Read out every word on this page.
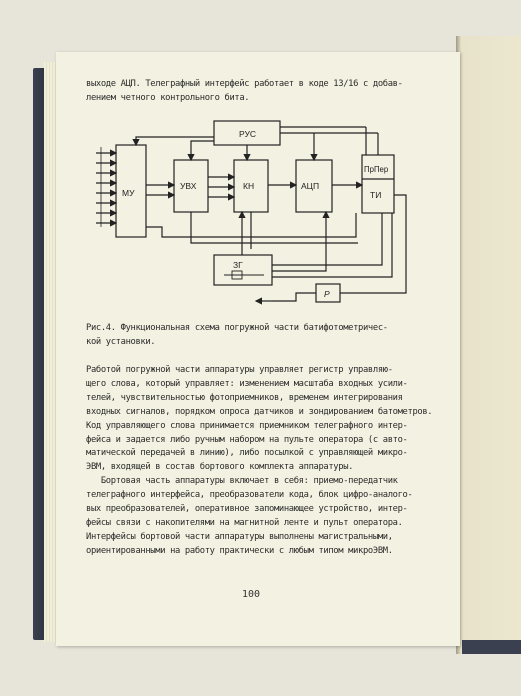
выходе АЦП. Телеграфный интерфейс работает в коде 13/16 с добав-
лением четного контрольного бита.
РУС
МУ
УВХ	КН	АЦП
ПрПер
ТИ
ЗГ
P
Рис.4. Функциональная схема погружной части батифотометричес-
кой установки.
Работой погружной части аппаратуры управляет регистр управляю-
щего слова, который управляет: изменением масштаба входных усили-
телей, чувствительностью фотоприемников, временем интегрирования
входных сигналов, порядком опроса датчиков и зондированием батометров.
Код управляющего слова принимается приемником телеграфного интер-
фейса и задается либо ручным набором на пульте оператора (с авто-
матической передачей в линию), либо посылкой с управляющей микро-
ЭВМ, входящей в состав бортового комплекта аппаратуры.
Бортовая часть аппаратуры включает в себя: приемо-передатчик
телеграфного интерфейса, преобразователи кода, блок цифро-аналого-
вых преобразователей, оперативное запоминающее устройство, интер-
фейсы связи с накопителями на магнитной ленте и пульт оператора.
Интерфейсы бортовой части аппаратуры выполнены магистральными,
ориентированными на работу практически с любым типом микроЭВМ.
100
